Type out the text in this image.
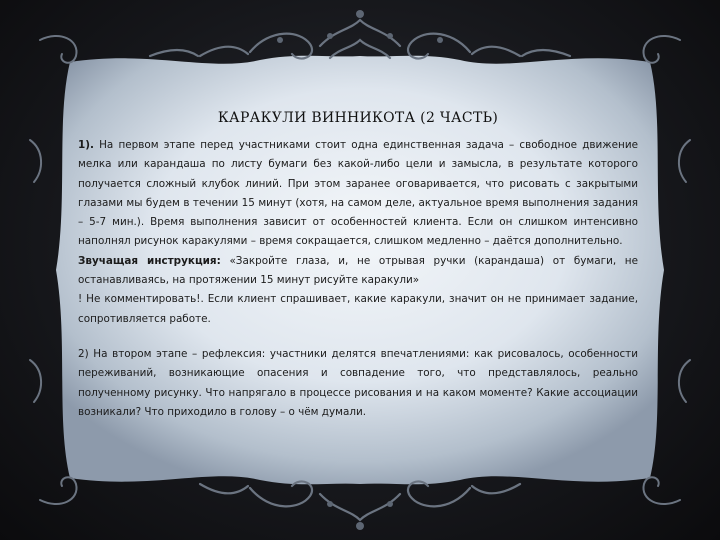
КАРАКУЛИ ВИННИКОТА (2 ЧАСТЬ)

1). На первом этапе перед участниками стоит одна единственная задача – свободное движение мелка или карандаша по листу бумаги без какой-либо цели и замысла, в результате которого получается сложный клубок линий. При этом заранее оговаривается, что рисовать с закрытыми глазами мы будем в течении 15 минут (хотя, на самом деле, актуальное время выполнения задания – 5-7 мин.). Время выполнения зависит от особенностей клиента. Если он слишком интенсивно наполнял рисунок каракулями – время сокращается, слишком медленно – даётся дополнительно.

Звучащая инструкция: «Закройте глаза, и, не отрывая ручки (карандаша) от бумаги, не останавливаясь, на протяжении 15 минут рисуйте каракули»

! Не комментировать!. Если клиент спрашивает, какие каракули, значит он не принимает задание, сопротивляется работе.

2) На втором этапе – рефлексия: участники делятся впечатлениями: как рисовалось, особенности переживаний, возникающие опасения и совпадение того, что представлялось, реально полученному рисунку. Что напрягало в процессе рисования и на каком моменте? Какие ассоциации возникали? Что приходило в голову – о чём думали.
